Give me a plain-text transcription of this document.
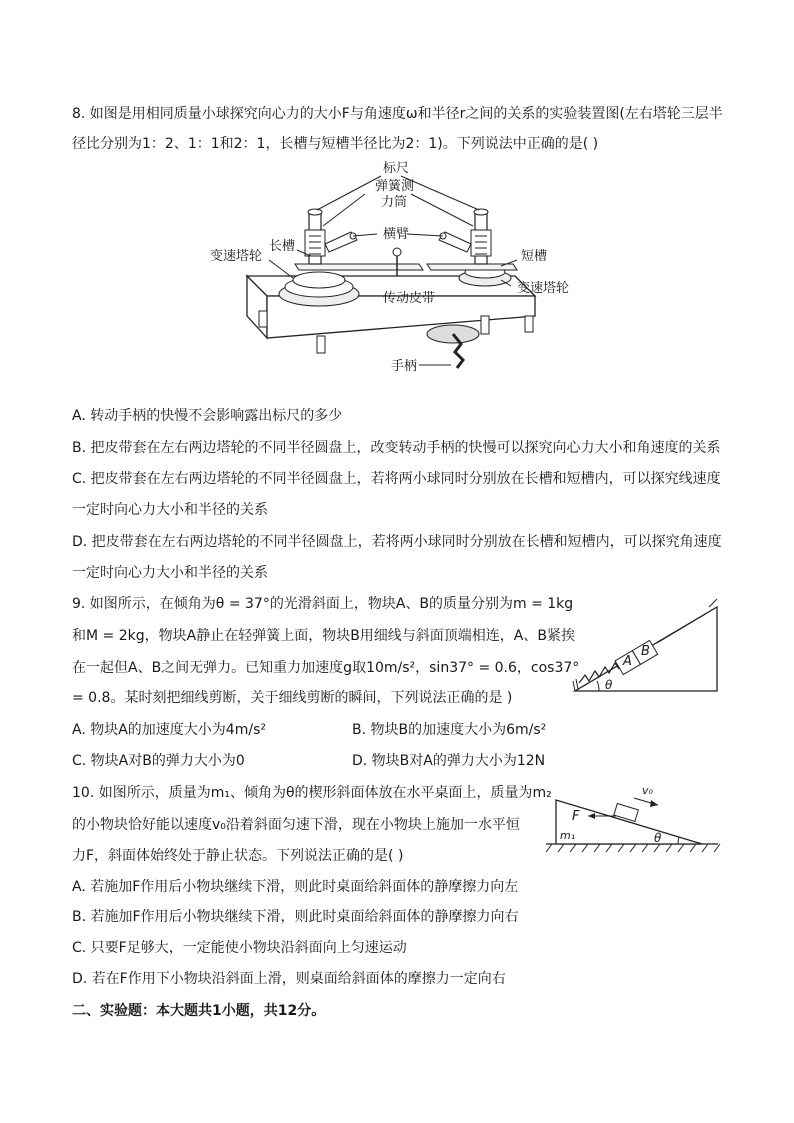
8. 如图是用相同质量小球探究向心力的大小F与角速度ω和半径r之间的关系的实验装置图(左右塔轮三层半
径比分别为1：2、1：1和2：1，长槽与短槽半径比为2：1)。下列说法中正确的是( )
标尺
弹簧测
力筒
横臂
长槽
短槽
变速塔轮
变速塔轮
传动皮带
手柄
A. 转动手柄的快慢不会影响露出标尺的多少
B. 把皮带套在左右两边塔轮的不同半径圆盘上，改变转动手柄的快慢可以探究向心力大小和角速度的关系
C. 把皮带套在左右两边塔轮的不同半径圆盘上，若将两小球同时分别放在长槽和短槽内，可以探究线速度
一定时向心力大小和半径的关系
D. 把皮带套在左右两边塔轮的不同半径圆盘上，若将两小球同时分别放在长槽和短槽内，可以探究角速度
一定时向心力大小和半径的关系
9. 如图所示，在倾角为θ = 37°的光滑斜面上，物块A、B的质量分别为m = 1kg
和M = 2kg，物块A静止在轻弹簧上面，物块B用细线与斜面顶端相连，A、B紧挨
在一起但A、B之间无弹力。已知重力加速度g取10m/s²，sin37° = 0.6，cos37°
= 0.8。某时刻把细线剪断，关于细线剪断的瞬间，下列说法正确的是 )
A
B
θ
A. 物块A的加速度大小为4m/s²	B. 物块B的加速度大小为6m/s²
C. 物块A对B的弹力大小为0	D. 物块B对A的弹力大小为12N
10. 如图所示，质量为m₁、倾角为θ的楔形斜面体放在水平桌面上，质量为m₂
的小物块恰好能以速度v₀沿着斜面匀速下滑，现在小物块上施加一水平恒
力F，斜面体始终处于静止状态。下列说法正确的是( )
v₀
F
m₁	θ
A. 若施加F作用后小物块继续下滑，则此时桌面给斜面体的静摩擦力向左
B. 若施加F作用后小物块继续下滑，则此时桌面给斜面体的静摩擦力向右
C. 只要F足够大，一定能使小物块沿斜面向上匀速运动
D. 若在F作用下小物块沿斜面上滑，则桌面给斜面体的摩擦力一定向右
二、实验题：本大题共1小题，共12分。
